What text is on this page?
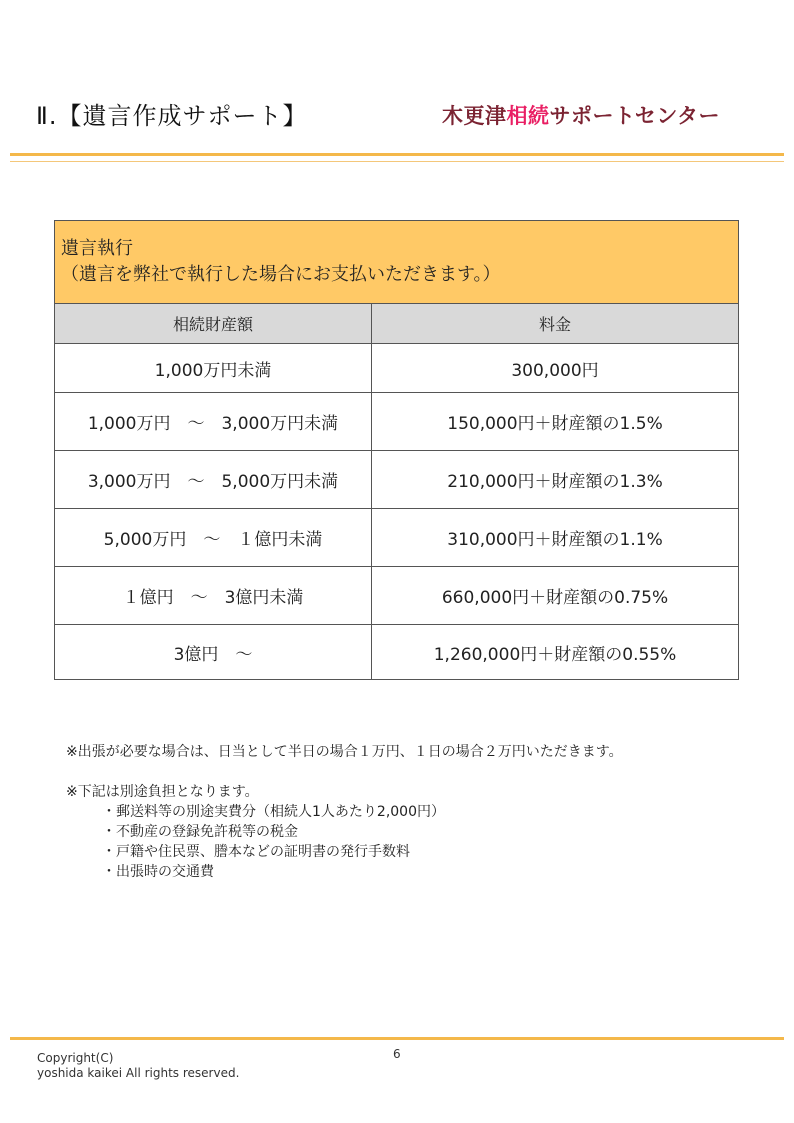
Ⅱ.【遺言作成サポート】	木更津相続サポートセンター
遺言執行
（遺言を弊社で執行した場合にお支払いただきます。）	

相続財産額	料金
1,000万円未満	300,000円
1,000万円　～　3,000万円未満	150,000円＋財産額の1.5%
3,000万円　～　5,000万円未満	210,000円＋財産額の1.3%
5,000万円　～　１億円未満	310,000円＋財産額の1.1%
１億円　～　3億円未満	660,000円＋財産額の0.75%
3億円　～	1,260,000円＋財産額の0.55%
※出張が必要な場合は、日当として半日の場合１万円、１日の場合２万円いただきます。
※下記は別途負担となります。
・郵送料等の別途実費分（相続人1人あたり2,000円）
・不動産の登録免許税等の税金
・戸籍や住民票、謄本などの証明書の発行手数料
・出張時の交通費
Copyright(C)
yoshida kaikei All rights reserved.
6
